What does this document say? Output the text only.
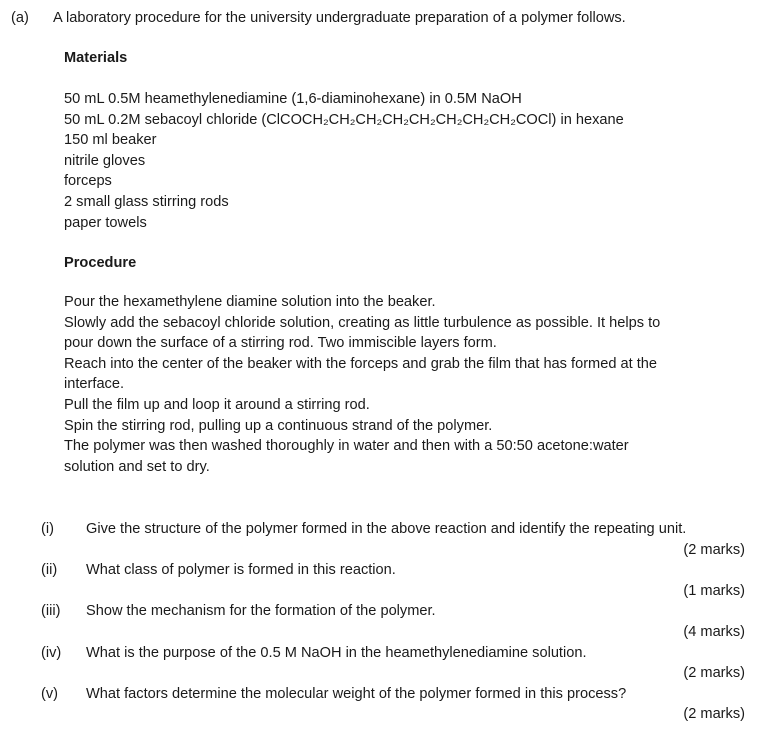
(a) A laboratory procedure for the university undergraduate preparation of a polymer follows.
Materials
50 mL 0.5M heamethylenediamine (1,6-diaminohexane) in 0.5M NaOH
50 mL 0.2M sebacoyl chloride (ClCOCH₂CH₂CH₂CH₂CH₂CH₂CH₂CH₂COCl) in hexane
150 ml beaker
nitrile gloves
forceps
2 small glass stirring rods
paper towels
Procedure
Pour the hexamethylene diamine solution into the beaker.
Slowly add the sebacoyl chloride solution, creating as little turbulence as possible. It helps to
pour down the surface of a stirring rod. Two immiscible layers form.
Reach into the center of the beaker with the forceps and grab the film that has formed at the
interface.
Pull the film up and loop it around a stirring rod.
Spin the stirring rod, pulling up a continuous strand of the polymer.
The polymer was then washed thoroughly in water and then with a 50:50 acetone:water
solution and set to dry.
(i) Give the structure of the polymer formed in the above reaction and identify the repeating unit.
(2 marks)
(ii) What class of polymer is formed in this reaction.
(1 marks)
(iii) Show the mechanism for the formation of the polymer.
(4 marks)
(iv) What is the purpose of the 0.5 M NaOH in the heamethylenediamine solution.
(2 marks)
(v) What factors determine the molecular weight of the polymer formed in this process?
(2 marks)
